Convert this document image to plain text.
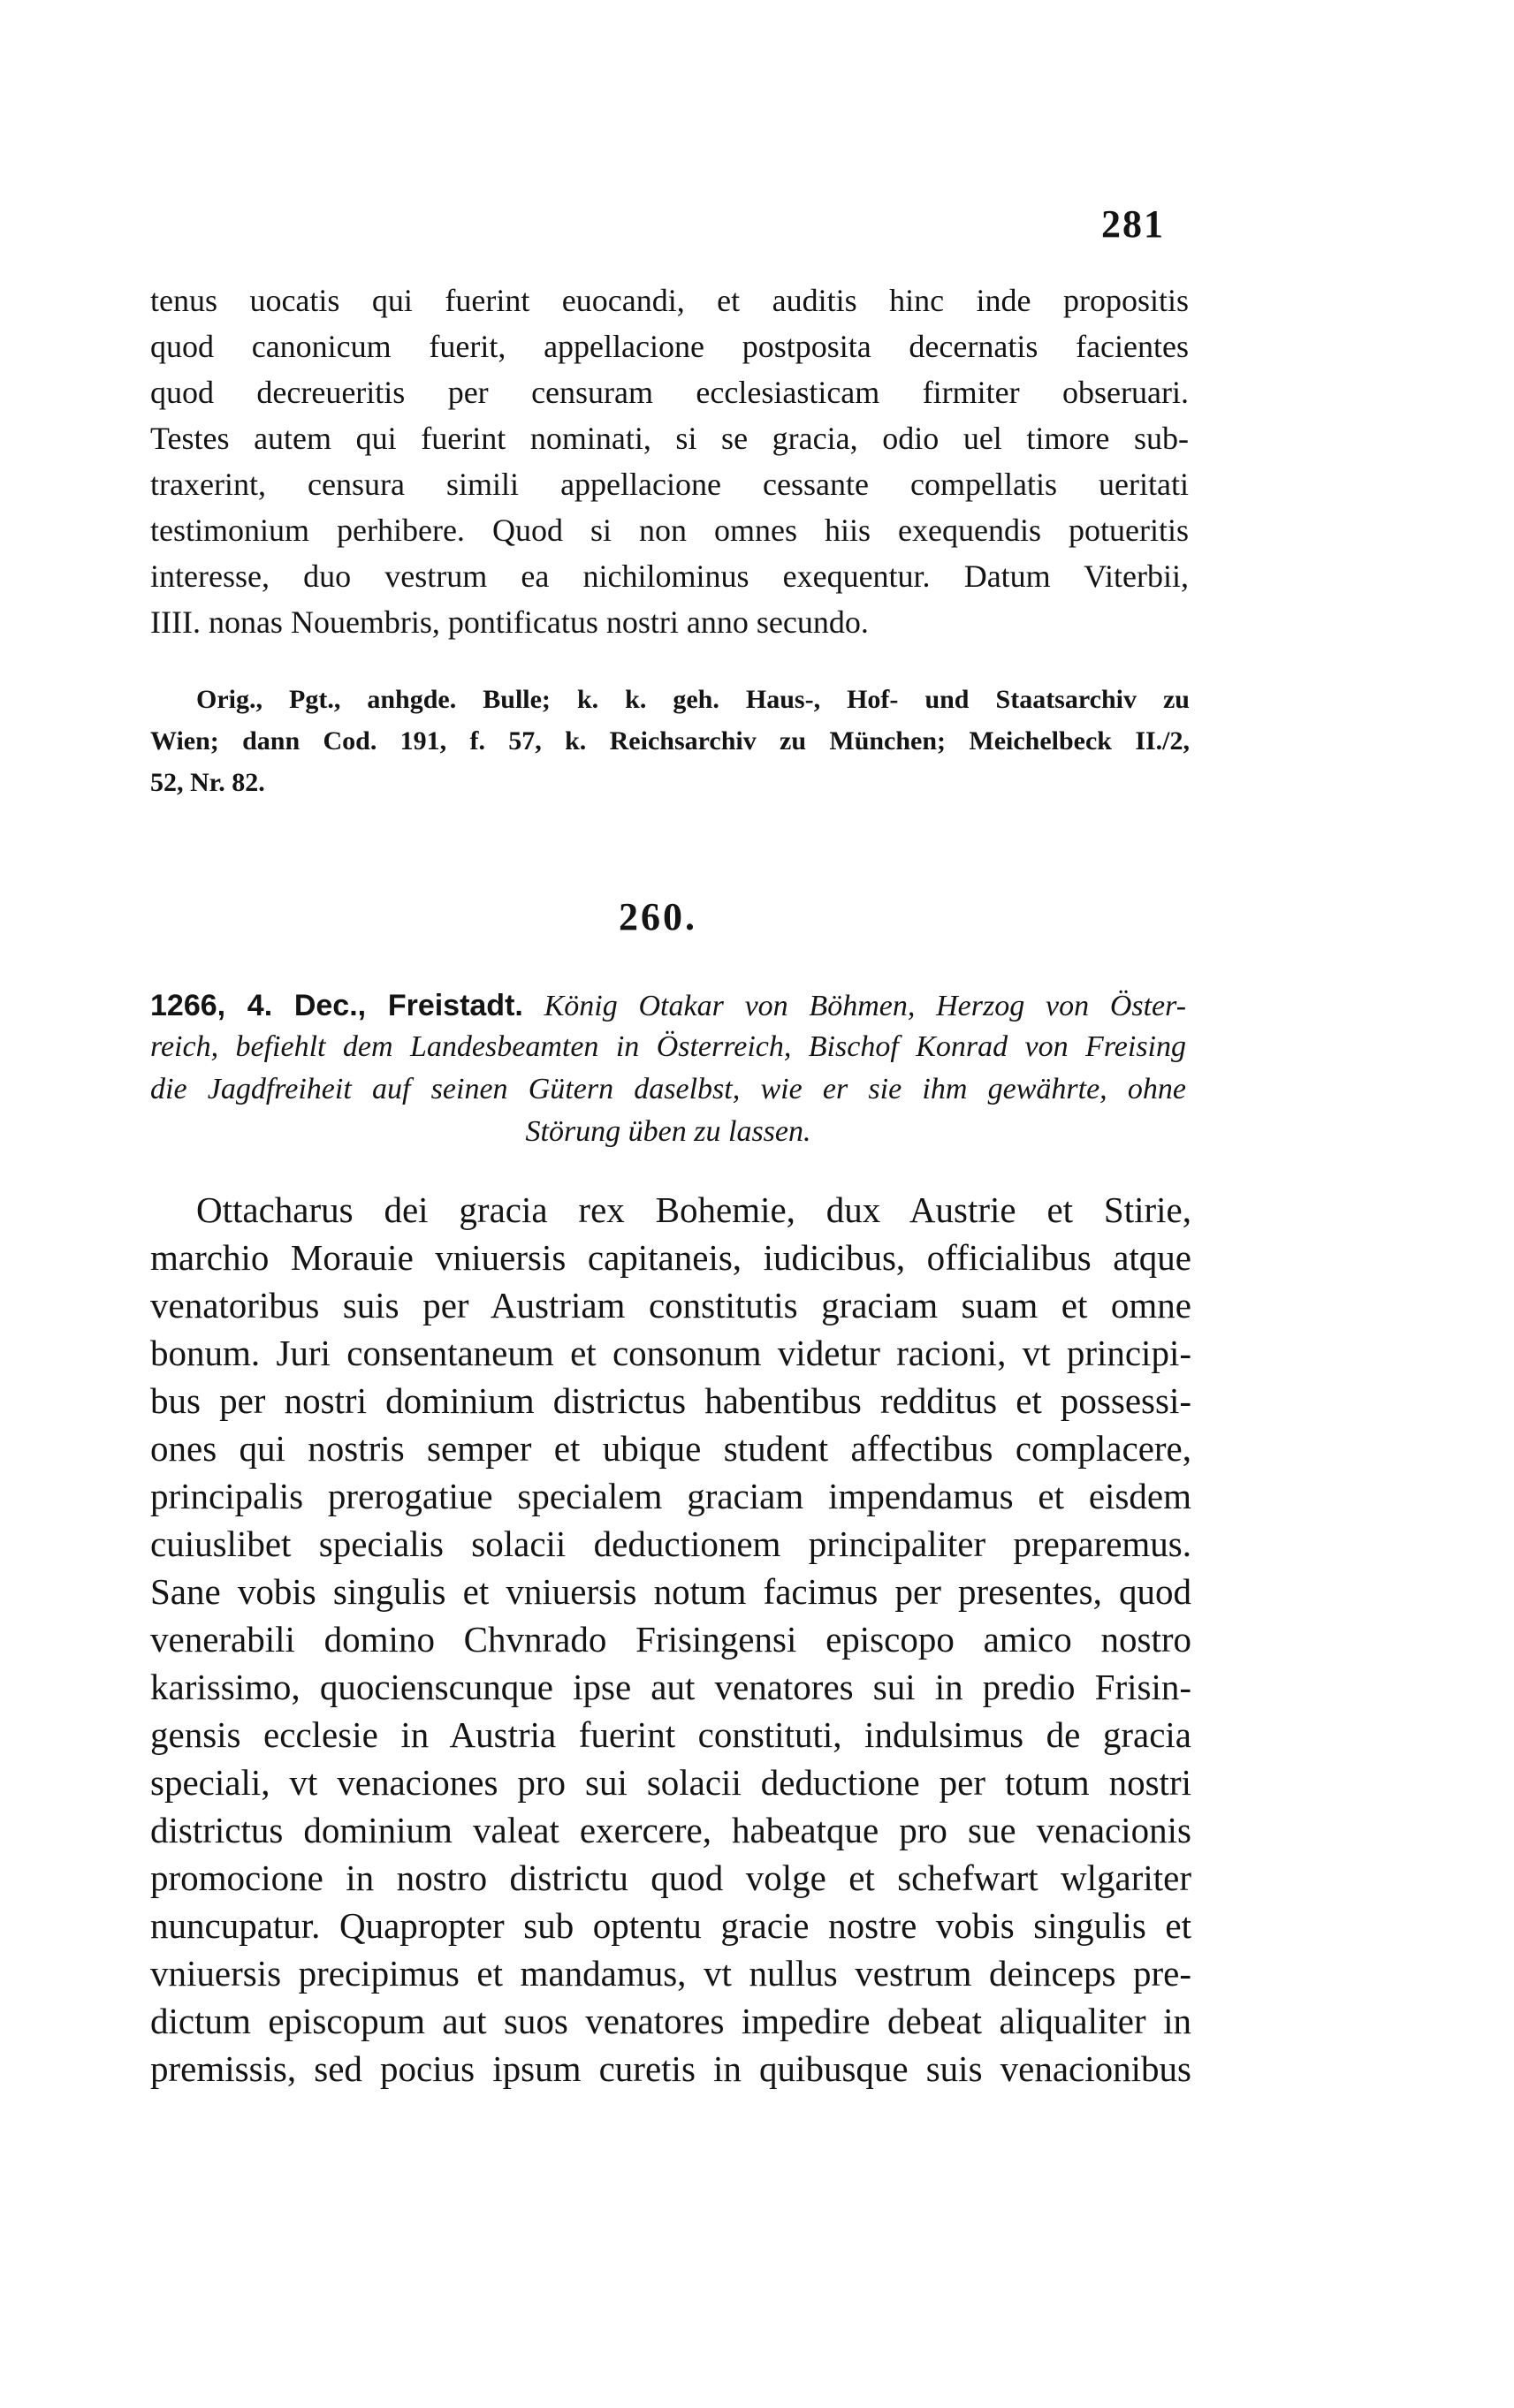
281
tenus uocatis qui fuerint euocandi, et auditis hinc inde propositis
quod canonicum fuerit, appellacione postposita decernatis facientes
quod decreueritis per censuram ecclesiasticam firmiter obseruari.
Testes autem qui fuerint nominati, si se gracia, odio uel timore sub-
traxerint, censura simili appellacione cessante compellatis ueritati
testimonium perhibere. Quod si non omnes hiis exequendis potueritis
interesse, duo vestrum ea nichilominus exequentur. Datum Viterbii,
IIII. nonas Nouembris, pontificatus nostri anno secundo.
Orig., Pgt., anhgde. Bulle; k. k. geh. Haus-, Hof- und Staatsarchiv zu
Wien; dann Cod. 191, f. 57, k. Reichsarchiv zu München; Meichelbeck II./2,
52, Nr. 82.
260.
1266, 4. Dec., Freistadt. König Otakar von Böhmen, Herzog von Öster-
reich, befiehlt dem Landesbeamten in Österreich, Bischof Konrad von Freising
die Jagdfreiheit auf seinen Gütern daselbst, wie er sie ihm gewährte, ohne
Störung üben zu lassen.
Ottacharus dei gracia rex Bohemie, dux Austrie et Stirie,
marchio Morauie vniuersis capitaneis, iudicibus, officialibus atque
venatoribus suis per Austriam constitutis graciam suam et omne
bonum. Juri consentaneum et consonum videtur racioni, vt principi-
bus per nostri dominium districtus habentibus redditus et possessi-
ones qui nostris semper et ubique student affectibus complacere,
principalis prerogatiue specialem graciam impendamus et eisdem
cuiuslibet specialis solacii deductionem principaliter preparemus.
Sane vobis singulis et vniuersis notum facimus per presentes, quod
venerabili domino Chvnrado Frisingensi episcopo amico nostro
karissimo, quocienscunque ipse aut venatores sui in predio Frisin-
gensis ecclesie in Austria fuerint constituti, indulsimus de gracia
speciali, vt venaciones pro sui solacii deductione per totum nostri
districtus dominium valeat exercere, habeatque pro sue venacionis
promocione in nostro districtu quod volge et schefwart wlgariter
nuncupatur. Quapropter sub optentu gracie nostre vobis singulis et
vniuersis precipimus et mandamus, vt nullus vestrum deinceps pre-
dictum episcopum aut suos venatores impedire debeat aliqualiter in
premissis, sed pocius ipsum curetis in quibusque suis venacionibus
